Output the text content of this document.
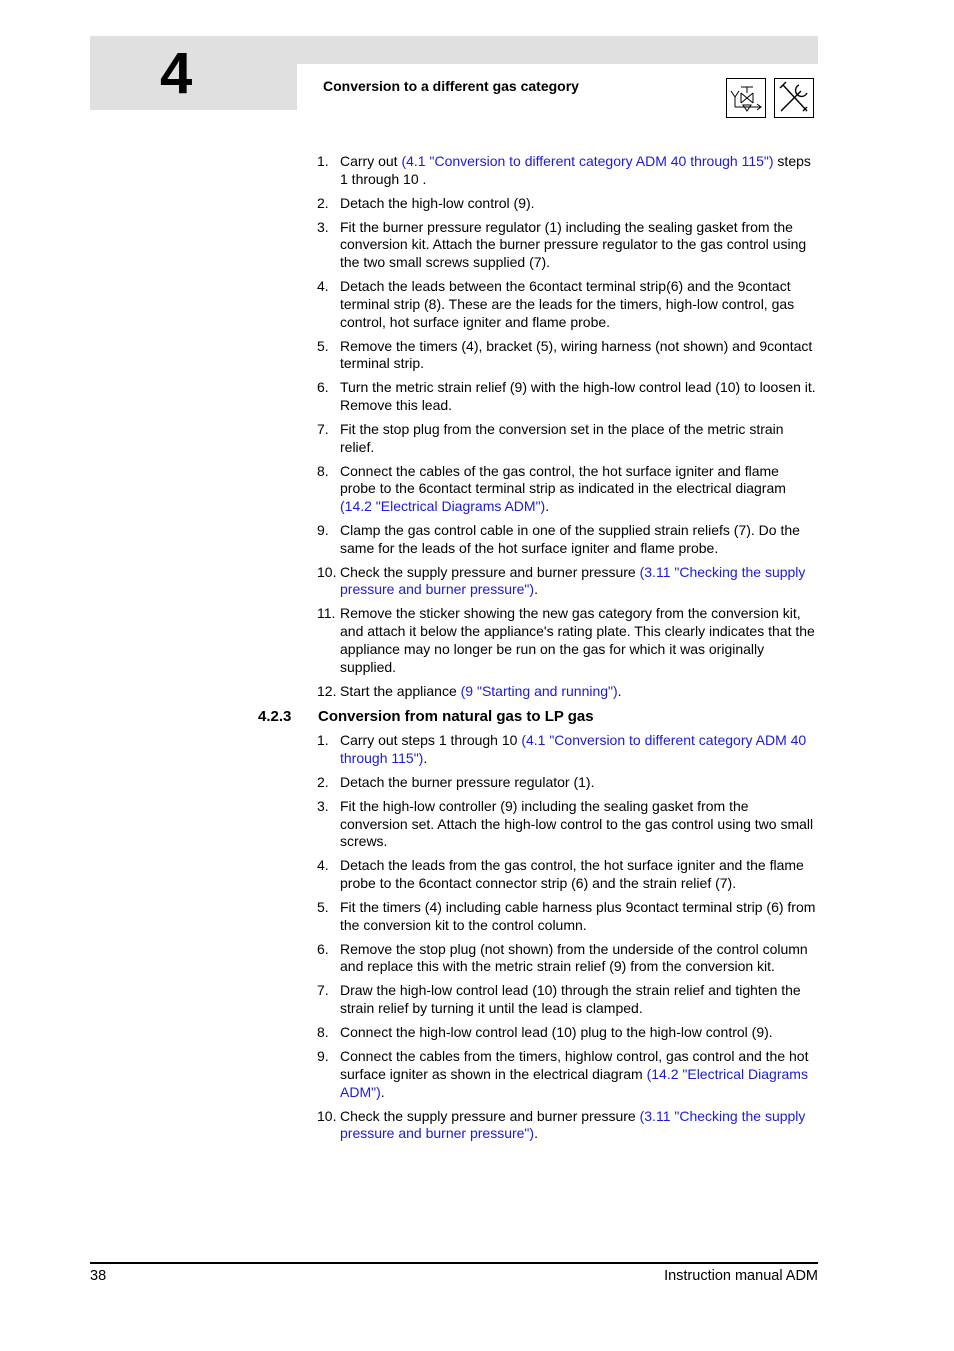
4	Conversion to a different gas category
1. Carry out (4.1 "Conversion to different category ADM 40 through 115") steps 1 through 10 .
2. Detach the high-low control (9).
3. Fit the burner pressure regulator (1) including the sealing gasket from the conversion kit. Attach the burner pressure regulator to the gas control using the two small screws supplied (7).
4. Detach the leads between the 6contact terminal strip(6) and the 9contact terminal strip (8). These are the leads for the timers, high-low control, gas control, hot surface igniter and flame probe.
5. Remove the timers (4), bracket (5), wiring harness (not shown) and 9contact terminal strip.
6. Turn the metric strain relief (9) with the high-low control lead (10) to loosen it. Remove this lead.
7. Fit the stop plug from the conversion set in the place of the metric strain relief.
8. Connect the cables of the gas control, the hot surface igniter and flame probe to the 6contact terminal strip as indicated in the electrical diagram (14.2 "Electrical Diagrams ADM").
9. Clamp the gas control cable in one of the supplied strain reliefs (7). Do the same for the leads of the hot surface igniter and flame probe.
10. Check the supply pressure and burner pressure (3.11 "Checking the supply pressure and burner pressure").
11. Remove the sticker showing the new gas category from the conversion kit, and attach it below the appliance's rating plate. This clearly indicates that the appliance may no longer be run on the gas for which it was originally supplied.
12. Start the appliance (9 "Starting and running").
4.2.3 Conversion from natural gas to LP gas
1. Carry out steps 1 through 10 (4.1 "Conversion to different category ADM 40 through 115").
2. Detach the burner pressure regulator (1).
3. Fit the high-low controller (9) including the sealing gasket from the conversion set. Attach the high-low control to the gas control using two small screws.
4. Detach the leads from the gas control, the hot surface igniter and the flame probe to the 6contact connector strip (6) and the strain relief (7).
5. Fit the timers (4) including cable harness plus 9contact terminal strip (6) from the conversion kit to the control column.
6. Remove the stop plug (not shown) from the underside of the control column and replace this with the metric strain relief (9) from the conversion kit.
7. Draw the high-low control lead (10) through the strain relief and tighten the strain relief by turning it until the lead is clamped.
8. Connect the high-low control lead (10) plug to the high-low control (9).
9. Connect the cables from the timers, highlow control, gas control and the hot surface igniter as shown in the electrical diagram (14.2 "Electrical Diagrams ADM").
10. Check the supply pressure and burner pressure (3.11 "Checking the supply pressure and burner pressure").
38	Instruction manual ADM
